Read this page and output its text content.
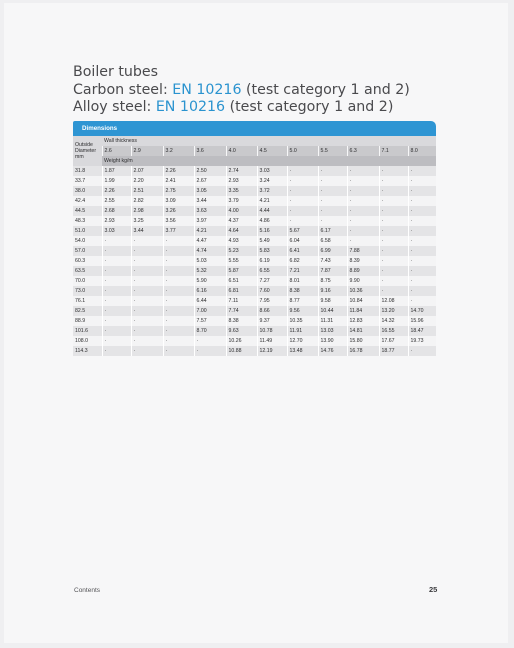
Boiler tubes
Carbon steel: EN 10216 (test category 1 and 2)
Alloy steel: EN 10216 (test category 1 and 2)
Dimensions
Outside Diameter mm	Wall thickness										
	2.6	2.9	3.2	3.6	4.0	4.5	5.0	5.5	6.3	7.1	8.0
	Weight kg/m										
31.8	1.87	2.07	2.26	2.50	2.74	3.03	·	·	·	·	·
33.7	1.99	2.20	2.41	2.67	2.93	3.24	·	·	·	·	·
38.0	2.26	2.51	2.75	3.05	3.35	3.72	·	·	·	·	·
42.4	2.55	2.82	3.09	3.44	3.79	4.21	·	·	·	·	·
44.5	2.68	2.98	3.26	3.63	4.00	4.44	·	·	·	·	·
48.3	2.93	3.25	3.56	3.97	4.37	4.86	·	·	·	·	·
51.0	3.03	3.44	3.77	4.21	4.64	5.16	5.67	6.17	·	·	·
54.0	·	·	·	4.47	4.93	5.49	6.04	6.58	·	·	·
57.0	·	·	·	4.74	5.23	5.83	6.41	6.99	7.88	·	·
60.3	·	·	·	5.03	5.55	6.19	6.82	7.43	8.39	·	·
63.5	·	·	·	5.32	5.87	6.55	7.21	7.87	8.89	·	·
70.0	·	·	·	5.90	6.51	7.27	8.01	8.75	9.90	·	·
73.0	·	·	·	6.16	6.81	7.60	8.38	9.16	10.36	·	·
76.1	·	·	·	6.44	7.11	7.95	8.77	9.58	10.84	12.08	·
82.5	·	·	·	7.00	7.74	8.66	9.56	10.44	11.84	13.20	14.70
88.9	·	·	·	7.57	8.38	9.37	10.35	11.31	12.83	14.32	15.96
101.6	·	·	·	8.70	9.63	10.78	11.91	13.03	14.81	16.55	18.47
108.0	·	·	·	·	10.26	11.49	12.70	13.90	15.80	17.67	19.73
114.3	·	·	·	·	10.88	12.19	13.48	14.76	16.78	18.77	·
Contents	25
